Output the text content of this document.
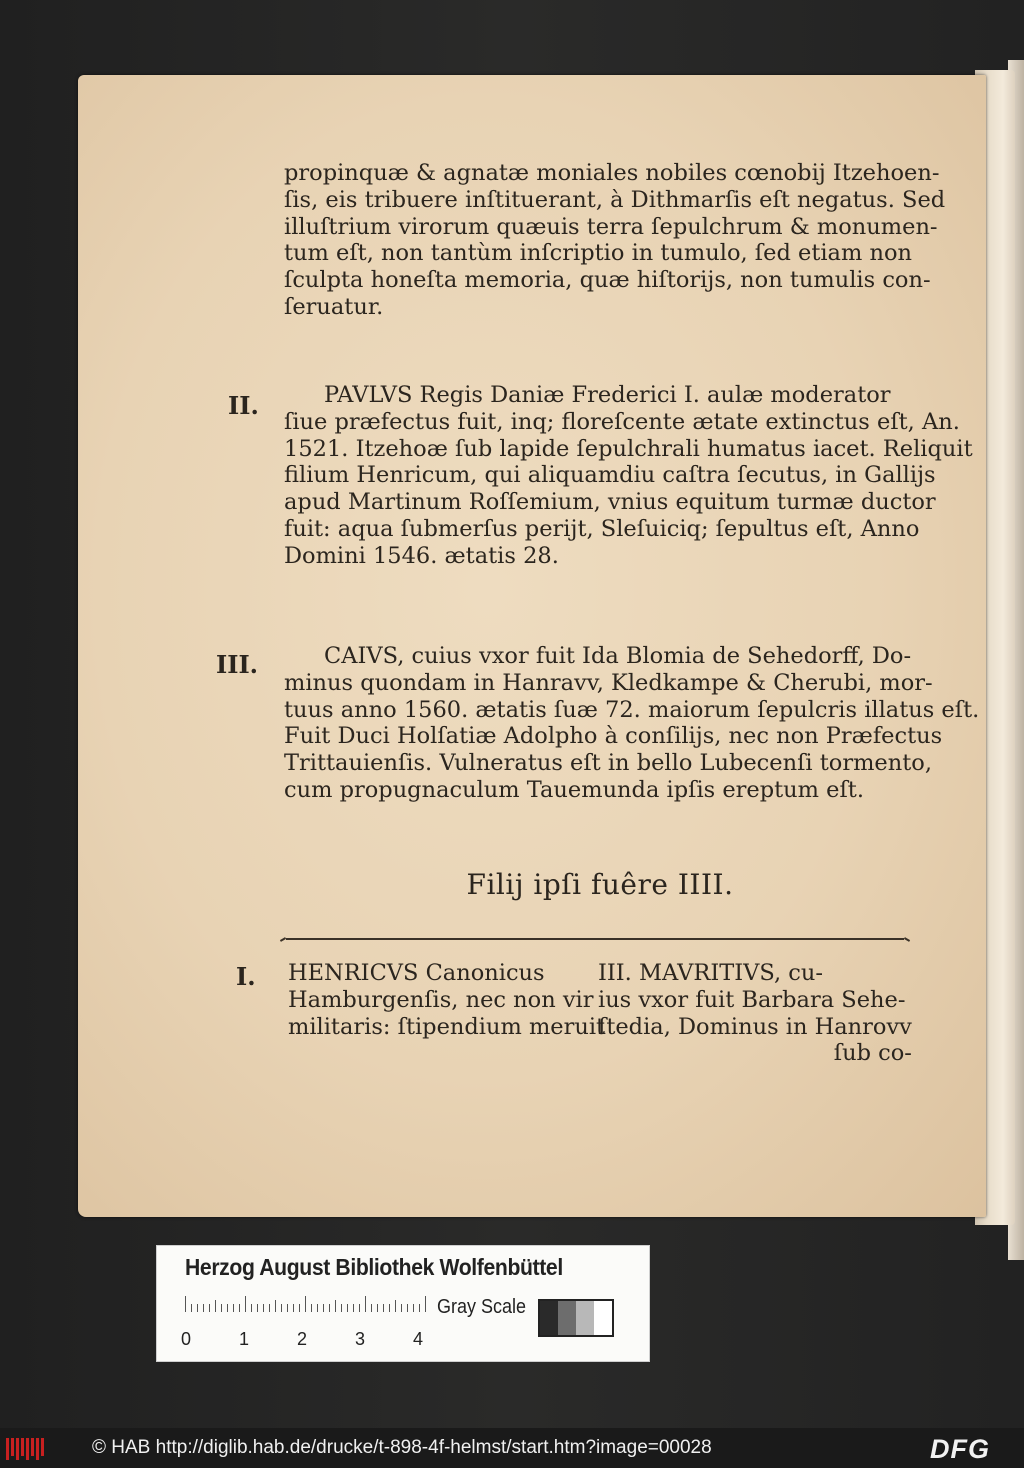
propinquæ & agnatæ moniales nobiles cœnobij Itzehoen-
ſis, eis tribuere inſtituerant, à Dithmarſis eſt negatus. Sed
illuſtrium virorum quæuis terra ſepulchrum & monumen-
tum eſt, non tantùm inſcriptio in tumulo, ſed etiam non
ſculpta honeſta memoria, quæ hiſtorijs, non tumulis con-
ſeruatur.
II.	PAVLVS Regis Daniæ Frederici I. aulæ moderator
ſiue præfectus fuit, inq; floreſcente ætate extinctus eſt, An.
1521. Itzehoæ ſub lapide ſepulchrali humatus iacet. Reliquit
filium Henricum, qui aliquamdiu caſtra ſecutus, in Gallijs
apud Martinum Roſſemium, vnius equitum turmæ ductor
fuit: aqua ſubmerſus perijt, Sleſuiciq; ſepultus eſt, Anno
Domini 1546. ætatis 28.
III.	CAIVS, cuius vxor fuit Ida Blomia de Sehedorff, Do-
minus quondam in Hanravv, Kledkampe & Cherubi, mor-
tuus anno 1560. ætatis ſuæ 72. maiorum ſepulcris illatus eſt.
Fuit Duci Holſatiæ Adolpho à conſilijs, nec non Præfectus
Trittauienſis. Vulneratus eſt in bello Lubecenſi tormento,
cum propugnaculum Tauemunda ipſis ereptum eſt.
Filij ipſi fuêre IIII.
I. HENRICVS Canonicus
Hamburgenſis, nec non vir
militaris: ſtipendium meruit
III. MAVRITIVS, cu-
ius vxor fuit Barbara Sehe-
ſtedia, Dominus in Hanrovv
ſub co-
Herzog August Bibliothek Wolfenbüttel
0	1	2	3	4
Gray Scale
© HAB http://diglib.hab.de/drucke/t-898-4f-helmst/start.htm?image=00028	DFG
